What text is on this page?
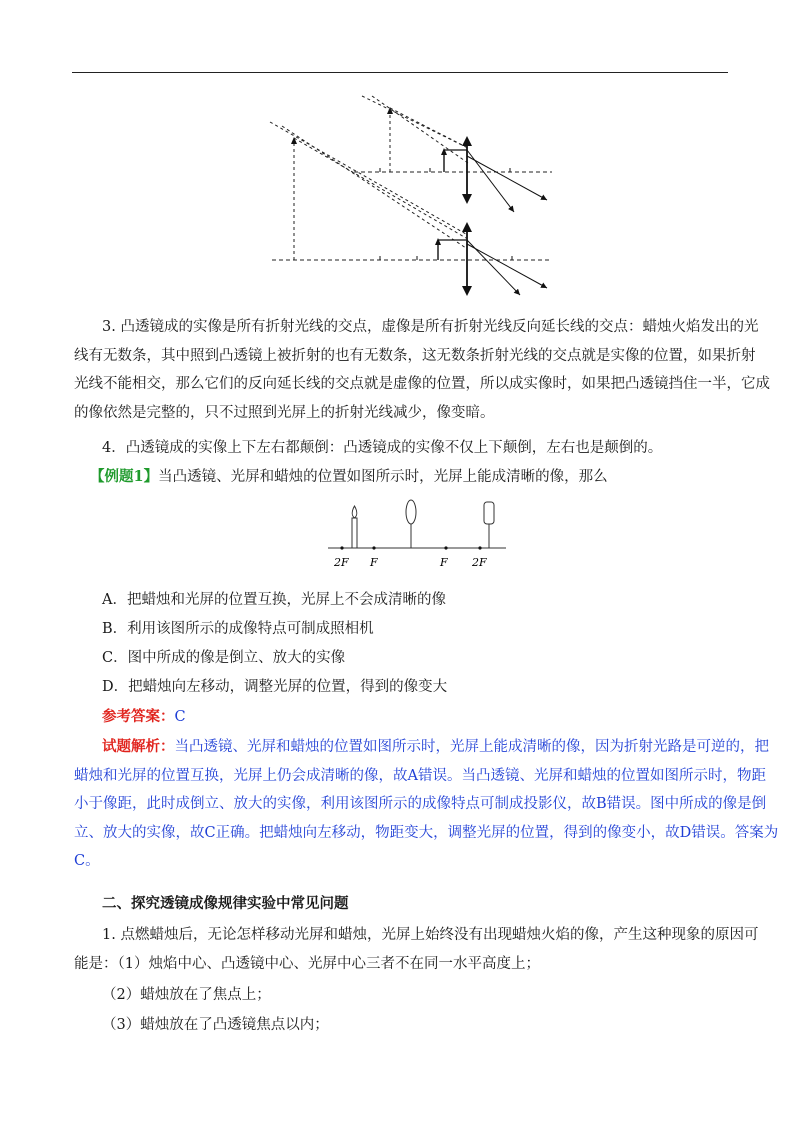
3. 凸透镜成的实像是所有折射光线的交点，虚像是所有折射光线反向延长线的交点：蜡烛火焰发出的光
线有无数条，其中照到凸透镜上被折射的也有无数条，这无数条折射光线的交点就是实像的位置，如果折射
光线不能相交，那么它们的反向延长线的交点就是虚像的位置，所以成实像时，如果把凸透镜挡住一半，它成
的像依然是完整的，只不过照到光屏上的折射光线减少，像变暗。
4．凸透镜成的实像上下左右都颠倒：凸透镜成的实像不仅上下颠倒，左右也是颠倒的。
【例题1】当凸透镜、光屏和蜡烛的位置如图所示时，光屏上能成清晰的像，那么
2F F	F 2F
A．把蜡烛和光屏的位置互换，光屏上不会成清晰的像
B．利用该图所示的成像特点可制成照相机
C．图中所成的像是倒立、放大的实像
D．把蜡烛向左移动，调整光屏的位置，得到的像变大
参考答案：C
试题解析：当凸透镜、光屏和蜡烛的位置如图所示时，光屏上能成清晰的像，因为折射光路是可逆的，把
蜡烛和光屏的位置互换，光屏上仍会成清晰的像，故A错误。当凸透镜、光屏和蜡烛的位置如图所示时，物距
小于像距，此时成倒立、放大的实像，利用该图所示的成像特点可制成投影仪，故B错误。图中所成的像是倒
立、放大的实像，故C正确。把蜡烛向左移动，物距变大，调整光屏的位置，得到的像变小，故D错误。答案为
C。
二、探究透镜成像规律实验中常见问题
1. 点燃蜡烛后，无论怎样移动光屏和蜡烛，光屏上始终没有出现蜡烛火焰的像，产生这种现象的原因可
能是：（1）烛焰中心、凸透镜中心、光屏中心三者不在同一水平高度上；
（2）蜡烛放在了焦点上；
（3）蜡烛放在了凸透镜焦点以内；
